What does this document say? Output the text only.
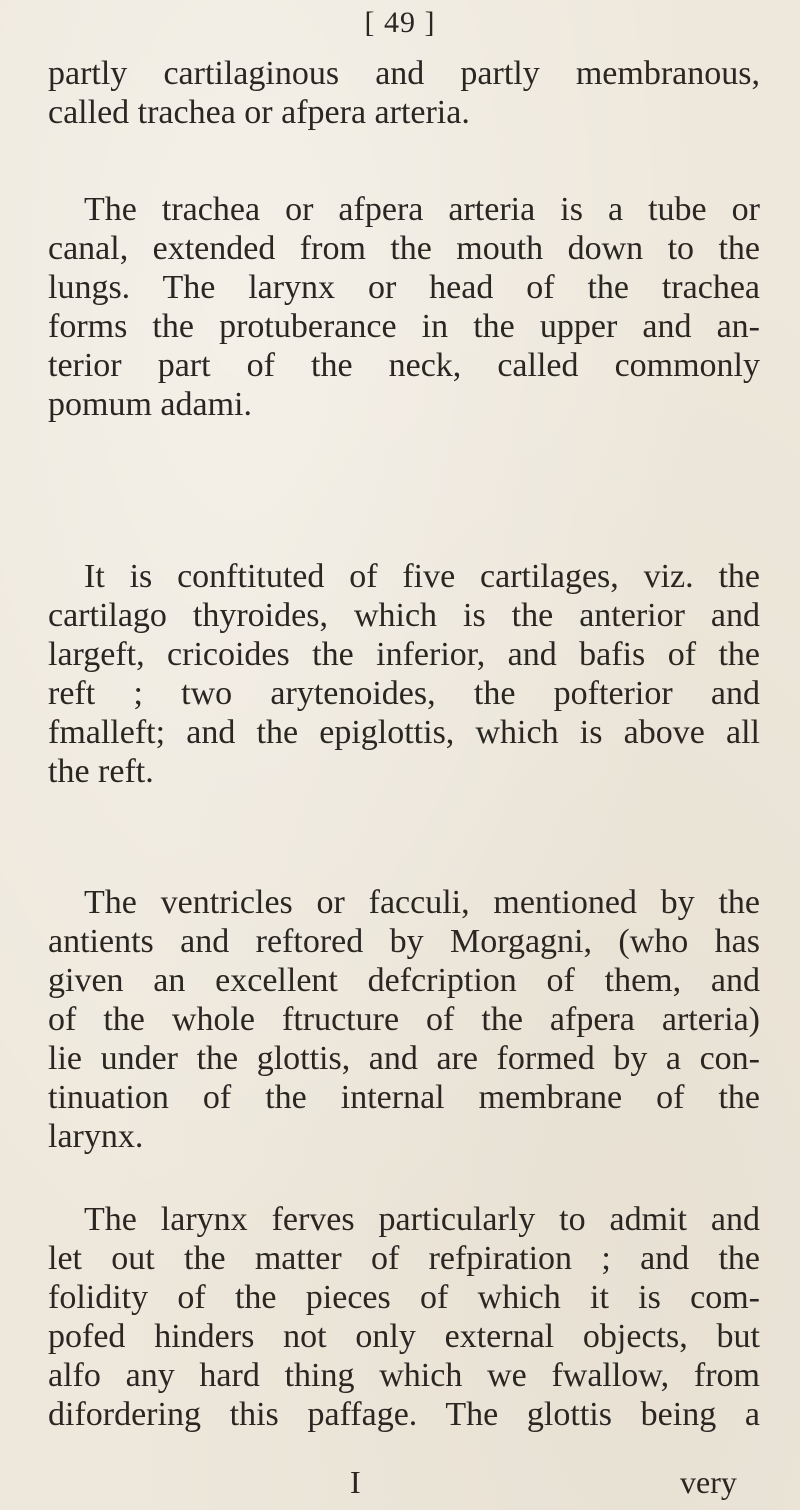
[ 49 ]
partly cartilaginous and partly membranous,
called trachea or afpera arteria.
The trachea or afpera arteria is a tube or
canal, extended from the mouth down to the
lungs. The larynx or head of the trachea
forms the protuberance in the upper and an-
terior part of the neck, called commonly
pomum adami.
It is conftituted of five cartilages, viz. the
cartilago thyroides, which is the anterior and
largeft, cricoides the inferior, and bafis of the
reft ; two arytenoides, the pofterior and
fmalleft; and the epiglottis, which is above all
the reft.
The ventricles or facculi, mentioned by the
antients and reftored by Morgagni, (who has
given an excellent defcription of them, and
of the whole ftructure of the afpera arteria)
lie under the glottis, and are formed by a con-
tinuation of the internal membrane of the
larynx.
The larynx ferves particularly to admit and
let out the matter of refpiration ; and the
folidity of the pieces of which it is com-
pofed hinders not only external objects, but
alfo any hard thing which we fwallow, from
difordering this paffage. The glottis being a
I	very
